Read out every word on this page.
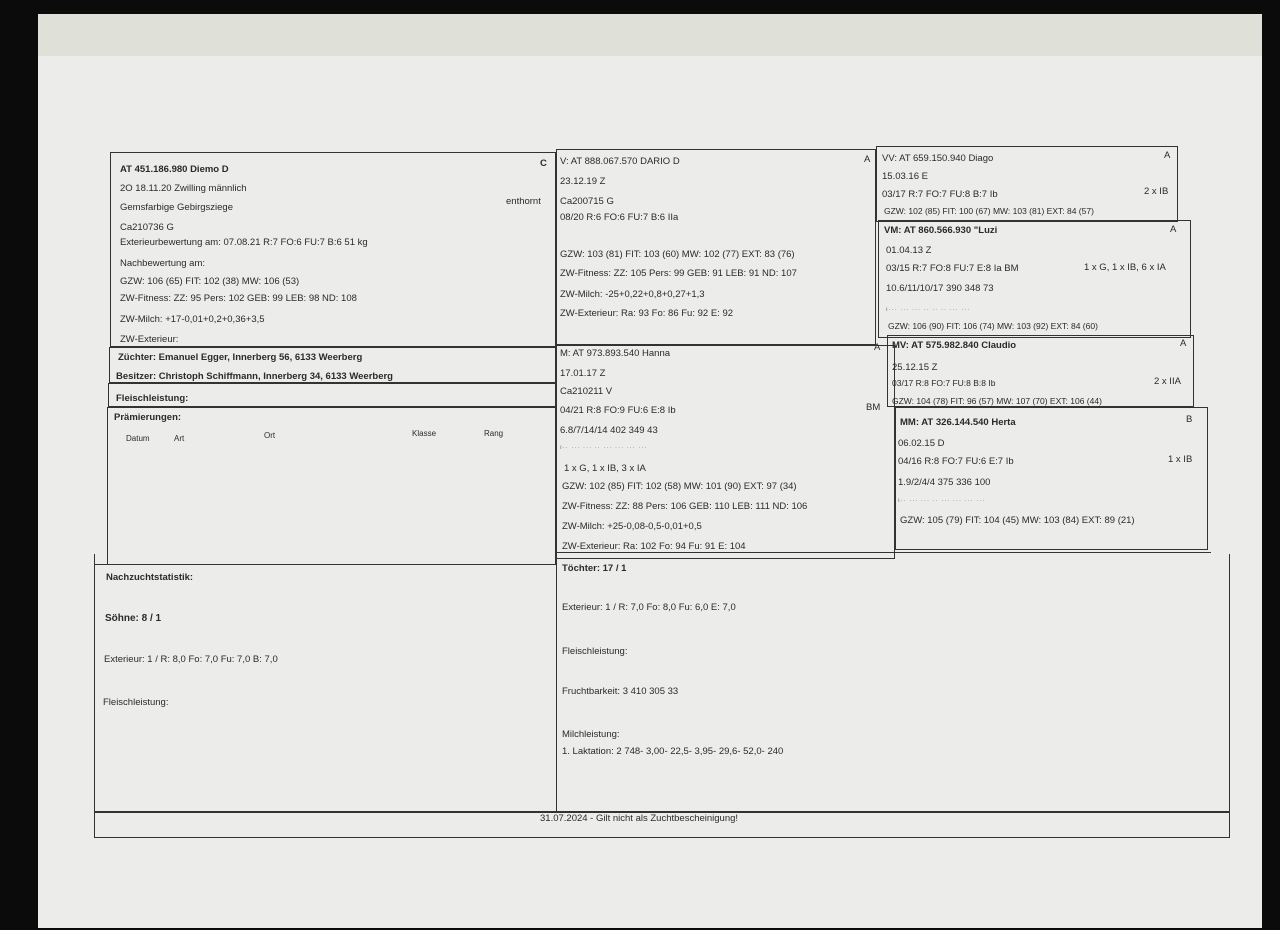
AT 451.186.980 Diemo D
C
2O 18.11.20 Zwilling männlich
Gemsfarbige Gebirgsziege
Ca210736 G
Exterieurbewertung am: 07.08.21 R:7 FO:6 FU:7 B:6 51 kg
Nachbewertung am:
GZW: 106 (65) FIT: 102 (38) MW: 106 (53)
ZW-Fitness: ZZ: 95 Pers: 102 GEB: 99 LEB: 98 ND: 108
ZW-Milch: +17-0,01+0,2+0,36+3,5
ZW-Exterieur:
Züchter: Emanuel Egger, Innerberg 56, 6133 Weerberg
Besitzer: Christoph Schiffmann, Innerberg 34, 6133 Weerberg
Fleischleistung:
Prämierungen:
Datum	Art	Ort	Klasse	Rang
V: AT 888.067.570 DARIO D	A
23.12.19 Z
enthornt Ca200715 G
08/20 R:6 FO:6 FU:7 B:6 IIa
GZW: 103 (81) FIT: 103 (60) MW: 102 (77) EXT: 83 (76)
ZW-Fitness: ZZ: 105 Pers: 99 GEB: 91 LEB: 91 ND: 107
ZW-Milch: -25+0,22+0,8+0,27+1,3
ZW-Exterieur: Ra: 93 Fo: 86 Fu: 92 E: 92
VV: AT 659.150.940 Diago	A
15.03.16 E
03/17 R:7 FO:7 FU:8 B:7 Ib	2 x IB
GZW: 102 (85) FIT: 100 (67) MW: 103 (81) EXT: 84 (57)
VM: AT 860.566.930 "Luzi	A
01.04.13 Z
03/15 R:7 FO:8 FU:7 E:8 Ia BM	1 x G, 1 x IB, 6 x IA
10.6/11/10/17 390 348 73
ı··· ··· ··· ·· ·· ·· ··· ···
GZW: 106 (90) FIT: 106 (74) MW: 103 (92) EXT: 84 (60)
M: AT 973.893.540 Hanna
A
17.01.17 Z
Ca210211 V
04/21 R:8 FO:9 FU:6 E:8 Ib	BM
6.8/7/14/14 402 349 43
ı·· ··· ··· ·· ··· ··· ··· ···
1 x G, 1 x IB, 3 x IA
GZW: 102 (85) FIT: 102 (58) MW: 101 (90) EXT: 97 (34)
ZW-Fitness: ZZ: 88 Pers: 106 GEB: 110 LEB: 111 ND: 106
ZW-Milch: +25-0,08-0,5-0,01+0,5
ZW-Exterieur: Ra: 102 Fo: 94 Fu: 91 E: 104
MV: AT 575.982.840 Claudio	A
25.12.15 Z
03/17 R:8 FO:7 FU:8 B:8 Ib	2 x IIA
GZW: 104 (78) FIT: 96 (57) MW: 107 (70) EXT: 106 (44)
MM: AT 326.144.540 Herta	B
06.02.15 D
04/16 R:8 FO:7 FU:6 E:7 Ib	1 x IB
1.9/2/4/4 375 336 100
ı·· ··· ··· ·· ··· ··· ··· ···
GZW: 105 (79) FIT: 104 (45) MW: 103 (84) EXT: 89 (21)
Nachzuchtstatistik:
Söhne: 8 / 1
Exterieur: 1 / R: 8,0 Fo: 7,0 Fu: 7,0 B: 7,0
Fleischleistung:
Töchter: 17 / 1
Exterieur: 1 / R: 7,0 Fo: 8,0 Fu: 6,0 E: 7,0
Fleischleistung:
Fruchtbarkeit: 3 410 305 33
Milchleistung:
1. Laktation: 2 748- 3,00- 22,5- 3,95- 29,6- 52,0- 240
31.07.2024 - Gilt nicht als Zuchtbescheinigung!
